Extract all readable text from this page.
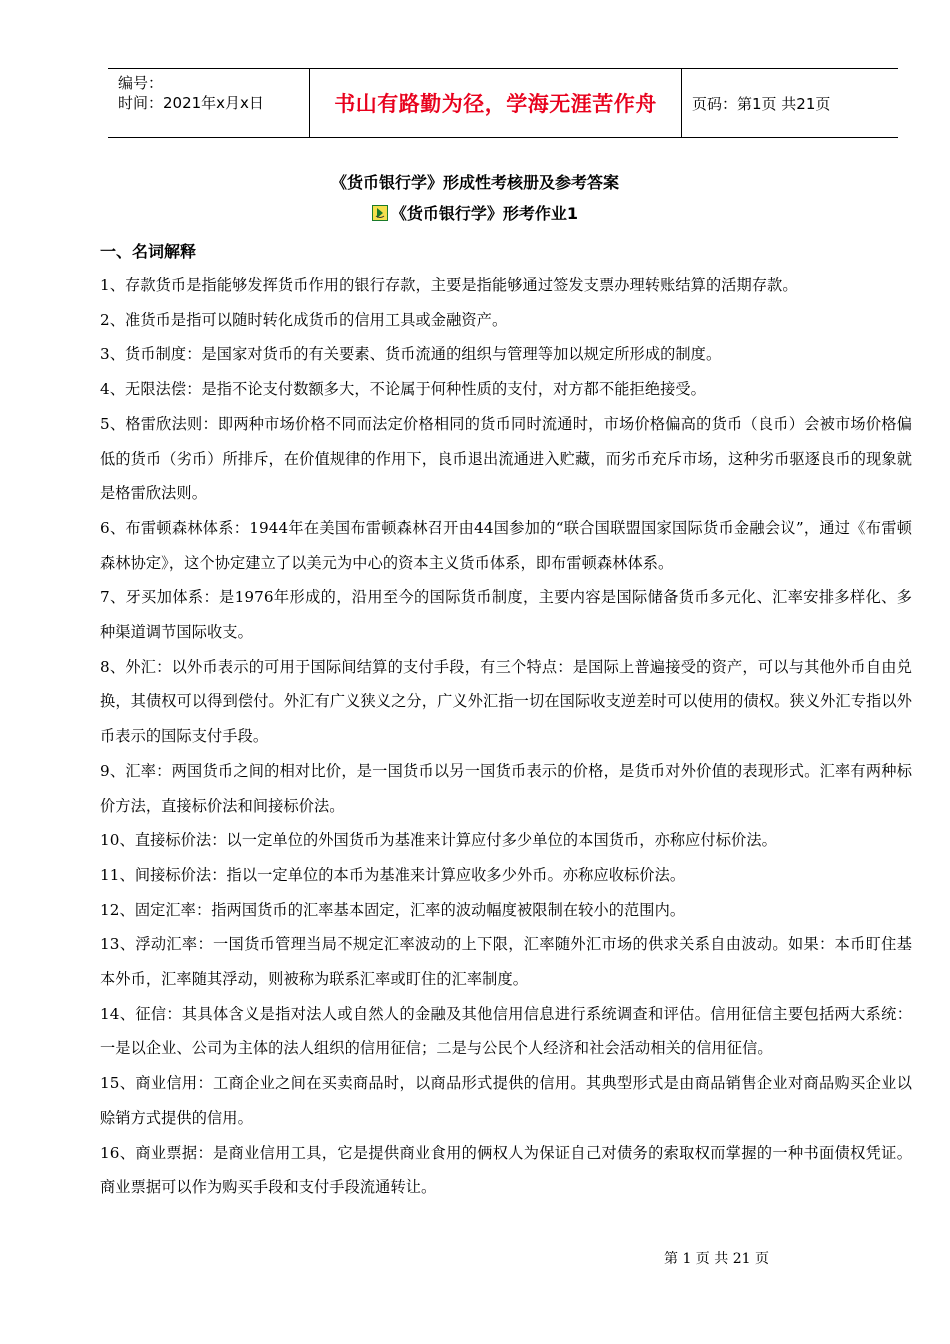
编号：
时间：2021年x月x日	书山有路勤为径，学海无涯苦作舟	页码：第1页 共21页
《货币银行学》形成性考核册及参考答案
《货币银行学》形考作业1
一、名词解释

1、存款货币是指能够发挥货币作用的银行存款，主要是指能够通过签发支票办理转账结算的活期存款。

2、准货币是指可以随时转化成货币的信用工具或金融资产。

3、货币制度：是国家对货币的有关要素、货币流通的组织与管理等加以规定所形成的制度。

4、无限法偿：是指不论支付数额多大，不论属于何种性质的支付，对方都不能拒绝接受。

5、格雷欣法则：即两种市场价格不同而法定价格相同的货币同时流通时，市场价格偏高的货币（良币）会被市场价格偏低的货币（劣币）所排斥，在价值规律的作用下，良币退出流通进入贮藏，而劣币充斥市场，这种劣币驱逐良币的现象就是格雷欣法则。

6、布雷顿森林体系：1944年在美国布雷顿森林召开由44国参加的“联合国联盟国家国际货币金融会议”，通过《布雷顿森林协定》，这个协定建立了以美元为中心的资本主义货币体系，即布雷顿森林体系。

7、牙买加体系：是1976年形成的，沿用至今的国际货币制度，主要内容是国际储备货币多元化、汇率安排多样化、多种渠道调节国际收支。

8、外汇：以外币表示的可用于国际间结算的支付手段，有三个特点：是国际上普遍接受的资产，可以与其他外币自由兑换，其债权可以得到偿付。外汇有广义狭义之分，广义外汇指一切在国际收支逆差时可以使用的债权。狭义外汇专指以外币表示的国际支付手段。

9、汇率：两国货币之间的相对比价，是一国货币以另一国货币表示的价格，是货币对外价值的表现形式。汇率有两种标价方法，直接标价法和间接标价法。

10、直接标价法：以一定单位的外国货币为基准来计算应付多少单位的本国货币，亦称应付标价法。

11、间接标价法：指以一定单位的本币为基准来计算应收多少外币。亦称应收标价法。

12、固定汇率：指两国货币的汇率基本固定，汇率的波动幅度被限制在较小的范围内。

13、浮动汇率：一国货币管理当局不规定汇率波动的上下限，汇率随外汇市场的供求关系自由波动。如果：本币盯住基本外币，汇率随其浮动，则被称为联系汇率或盯住的汇率制度。

14、征信：其具体含义是指对法人或自然人的金融及其他信用信息进行系统调查和评估。信用征信主要包括两大系统：一是以企业、公司为主体的法人组织的信用征信；二是与公民个人经济和社会活动相关的信用征信。

15、商业信用：工商企业之间在买卖商品时，以商品形式提供的信用。其典型形式是由商品销售企业对商品购买企业以赊销方式提供的信用。

16、商业票据：是商业信用工具，它是提供商业食用的俩权人为保证自己对债务的索取权而掌握的一种书面债权凭证。商业票据可以作为购买手段和支付手段流通转让。

第 1 页 共 21 页
